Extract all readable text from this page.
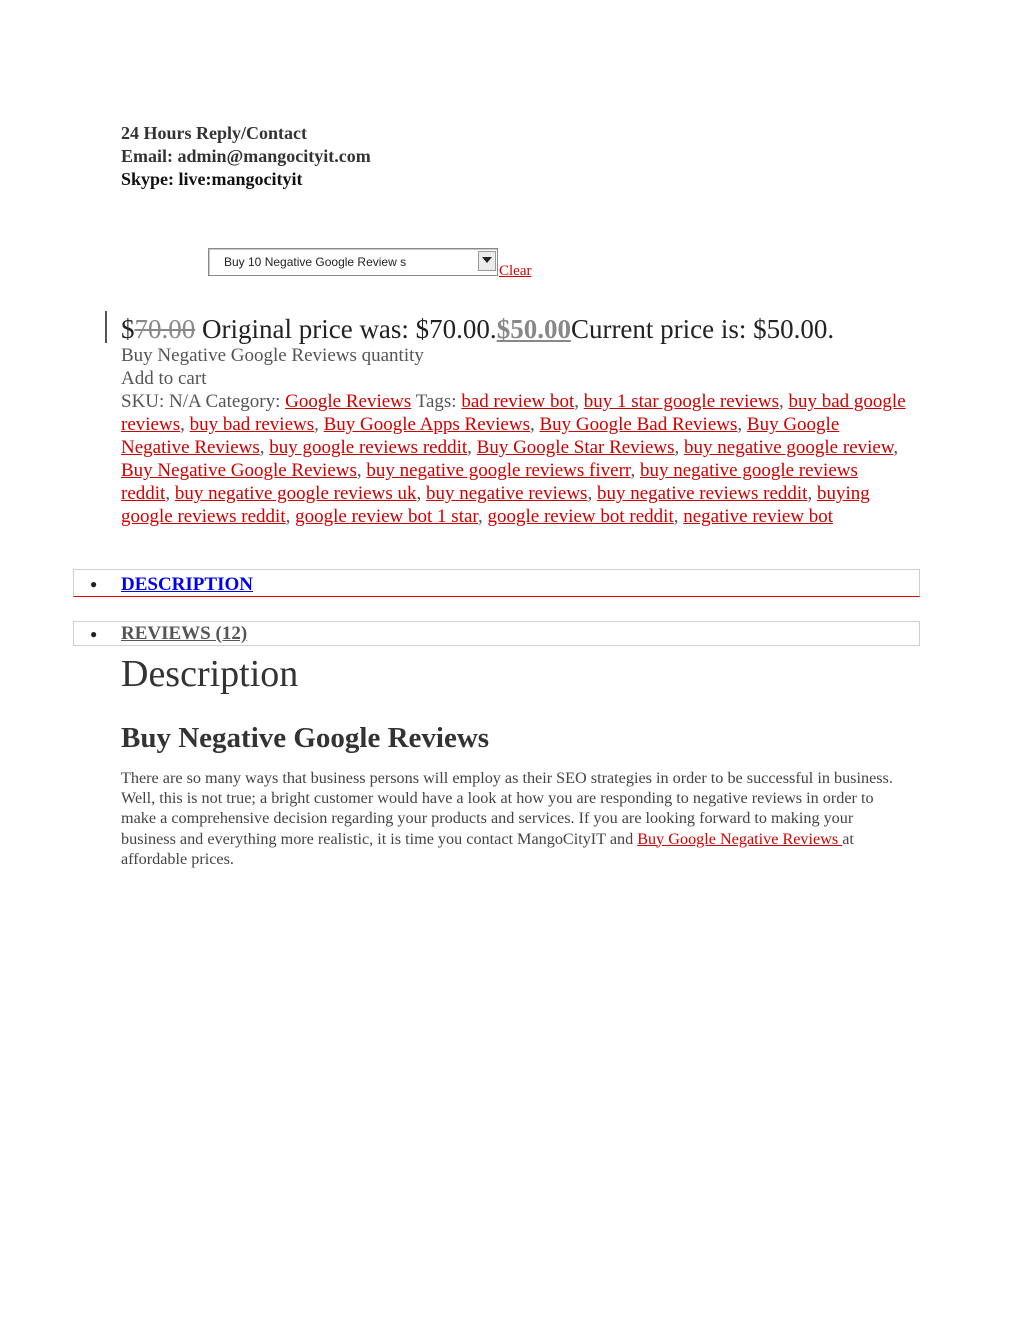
24 Hours Reply/Contact
Email: admin@mangocityit.com
Skype: live:mangocityit
Buy 10 Negative Google Review s
Clear
$70.00 Original price was: $70.00.$50.00Current price is: $50.00.
Buy Negative Google Reviews quantity
Add to cart
SKU: N/A Category: Google Reviews Tags: bad review bot, buy 1 star google reviews, buy bad google reviews, buy bad reviews, Buy Google Apps Reviews, Buy Google Bad Reviews, Buy Google Negative Reviews, buy google reviews reddit, Buy Google Star Reviews, buy negative google review, Buy Negative Google Reviews, buy negative google reviews fiverr, buy negative google reviews reddit, buy negative google reviews uk, buy negative reviews, buy negative reviews reddit, buying google reviews reddit, google review bot 1 star, google review bot reddit, negative review bot
● DESCRIPTION
● REVIEWS (12)
Description
Buy Negative Google Reviews

There are so many ways that business persons will employ as their SEO strategies in order to be successful in business. Well, this is not true; a bright customer would have a look at how you are responding to negative reviews in order to make a comprehensive decision regarding your products and services. If you are looking forward to making your business and everything more realistic, it is time you contact MangoCityIT and Buy Google Negative Reviews at affordable prices.
